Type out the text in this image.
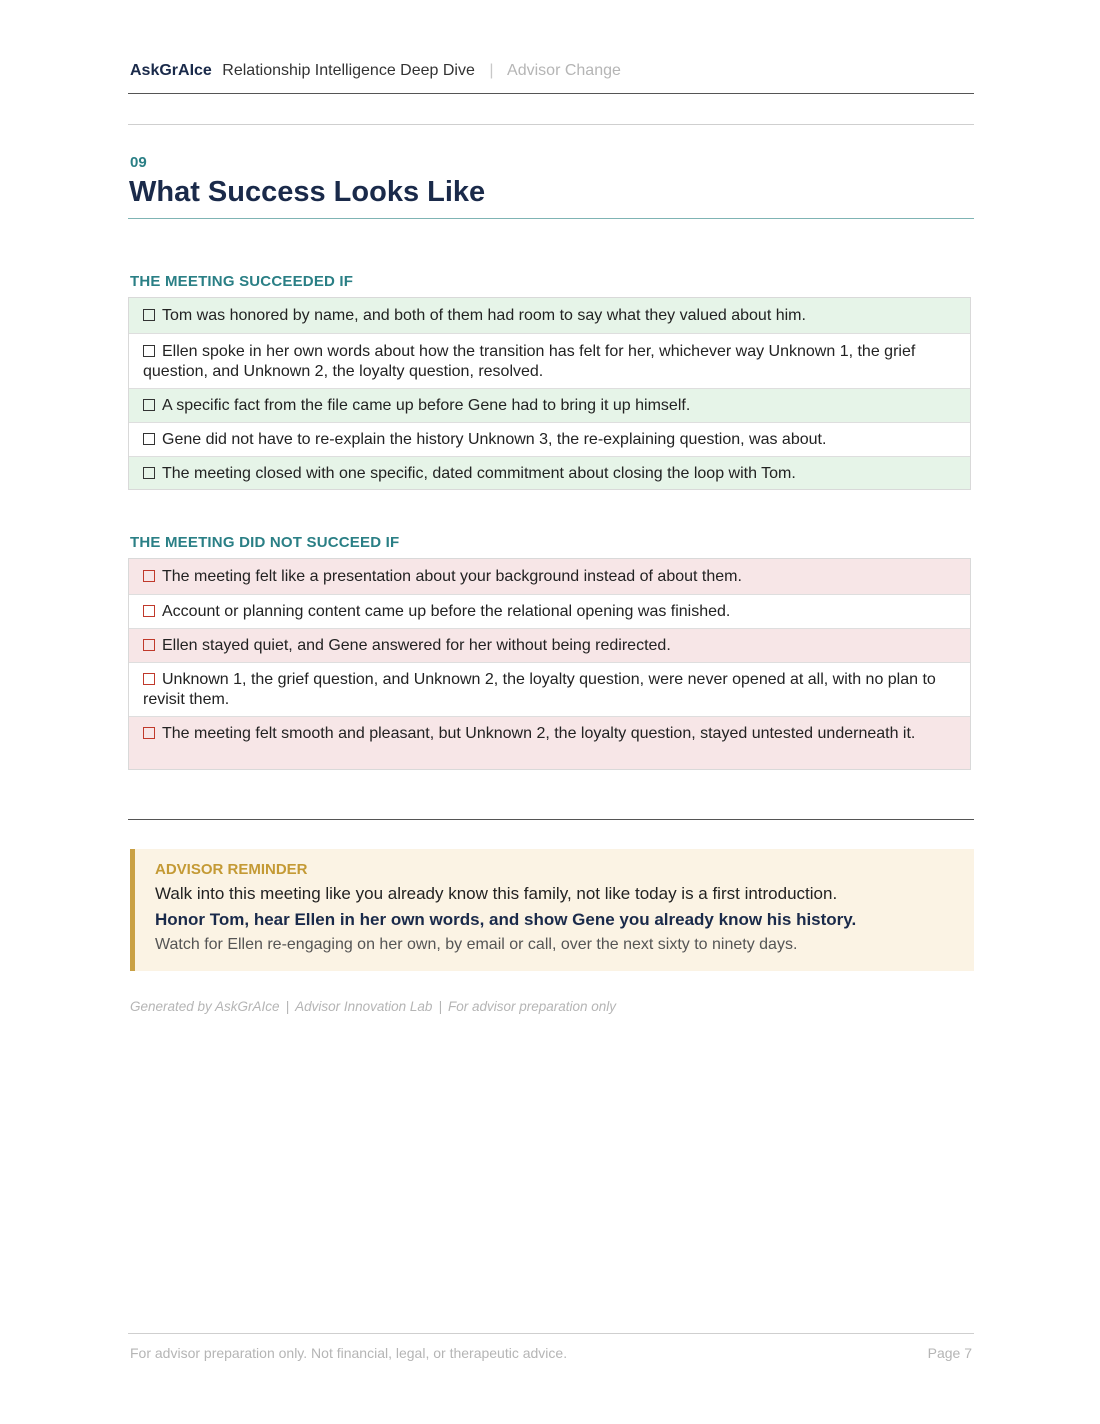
AskGrAIce Relationship Intelligence Deep Dive | Advisor Change
09
What Success Looks Like
THE MEETING SUCCEEDED IF
Tom was honored by name, and both of them had room to say what they valued about him.
Ellen spoke in her own words about how the transition has felt for her, whichever way Unknown 1, the grief question, and Unknown 2, the loyalty question, resolved.
A specific fact from the file came up before Gene had to bring it up himself.
Gene did not have to re-explain the history Unknown 3, the re-explaining question, was about.
The meeting closed with one specific, dated commitment about closing the loop with Tom.
THE MEETING DID NOT SUCCEED IF
The meeting felt like a presentation about your background instead of about them.
Account or planning content came up before the relational opening was finished.
Ellen stayed quiet, and Gene answered for her without being redirected.
Unknown 1, the grief question, and Unknown 2, the loyalty question, were never opened at all, with no plan to revisit them.
The meeting felt smooth and pleasant, but Unknown 2, the loyalty question, stayed untested underneath it.
ADVISOR REMINDER
Walk into this meeting like you already know this family, not like today is a first introduction.
Honor Tom, hear Ellen in her own words, and show Gene you already know his history.
Watch for Ellen re-engaging on her own, by email or call, over the next sixty to ninety days.
Generated by AskGrAIce | Advisor Innovation Lab | For advisor preparation only
For advisor preparation only. Not financial, legal, or therapeutic advice.	Page 7
